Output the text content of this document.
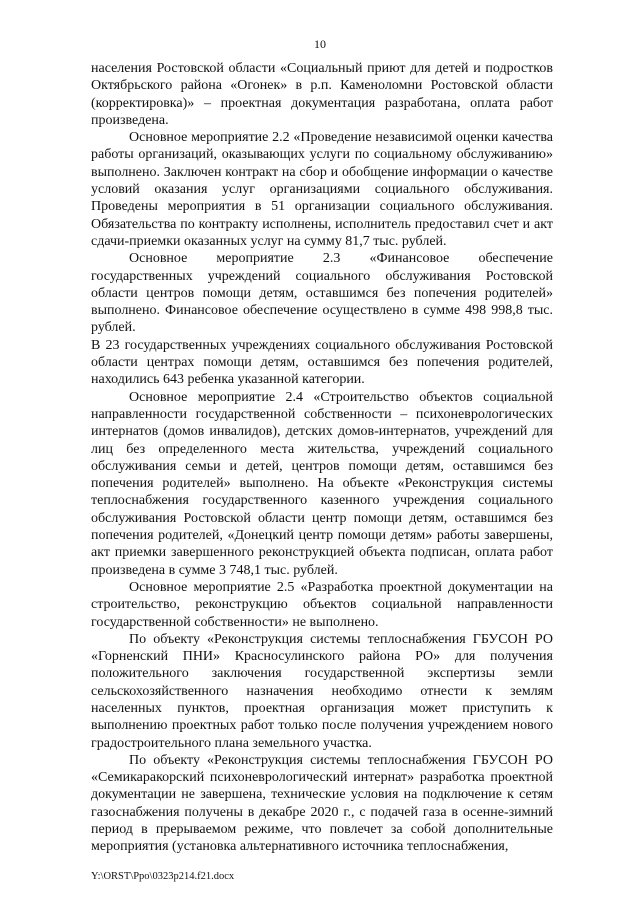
10

населения Ростовской области «Социальный приют для детей и подростков Октябрьского района «Огонек» в р.п. Каменоломни Ростовской области (корректировка)» – проектная документация разработана, оплата работ произведена.

Основное мероприятие 2.2 «Проведение независимой оценки качества работы организаций, оказывающих услуги по социальному обслуживанию» выполнено. Заключен контракт на сбор и обобщение информации о качестве условий оказания услуг организациями социального обслуживания. Проведены мероприятия в 51 организации социального обслуживания. Обязательства по контракту исполнены, исполнитель предоставил счет и акт сдачи-приемки оказанных услуг на сумму 81,7 тыс. рублей.

Основное мероприятие 2.3 «Финансовое обеспечение государственных учреждений социального обслуживания Ростовской области центров помощи детям, оставшимся без попечения родителей» выполнено. Финансовое обеспечение осуществлено в сумме 498 998,8 тыс. рублей.

В 23 государственных учреждениях социального обслуживания Ростовской области центрах помощи детям, оставшимся без попечения родителей, находились 643 ребенка указанной категории.

Основное мероприятие 2.4 «Строительство объектов социальной направленности государственной собственности – психоневрологических интернатов (домов инвалидов), детских домов-интернатов, учреждений для лиц без определенного места жительства, учреждений социального обслуживания семьи и детей, центров помощи детям, оставшимся без попечения родителей» выполнено. На объекте «Реконструкция системы теплоснабжения государственного казенного учреждения социального обслуживания Ростовской области центр помощи детям, оставшимся без попечения родителей, «Донецкий центр помощи детям» работы завершены, акт приемки завершенного реконструкцией объекта подписан, оплата работ произведена в сумме 3 748,1 тыс. рублей.

Основное мероприятие 2.5 «Разработка проектной документации на строительство, реконструкцию объектов социальной направленности государственной собственности» не выполнено.

По объекту «Реконструкция системы теплоснабжения ГБУСОН РО «Горненский ПНИ» Красносулинского района РО» для получения положительного заключения государственной экспертизы земли сельскохозяйственного назначения необходимо отнести к землям населенных пунктов, проектная организация может приступить к выполнению проектных работ только после получения учреждением нового градостроительного плана земельного участка.

По объекту «Реконструкция системы теплоснабжения ГБУСОН РО «Семикаракорский психоневрологический интернат» разработка проектной документации не завершена, технические условия на подключение к сетям газоснабжения получены в декабре 2020 г., с подачей газа в осенне-зимний период в прерываемом режиме, что повлечет за собой дополнительные мероприятия (установка альтернативного источника теплоснабжения,

Y:\ORST\Ppo\0323p214.f21.docx
